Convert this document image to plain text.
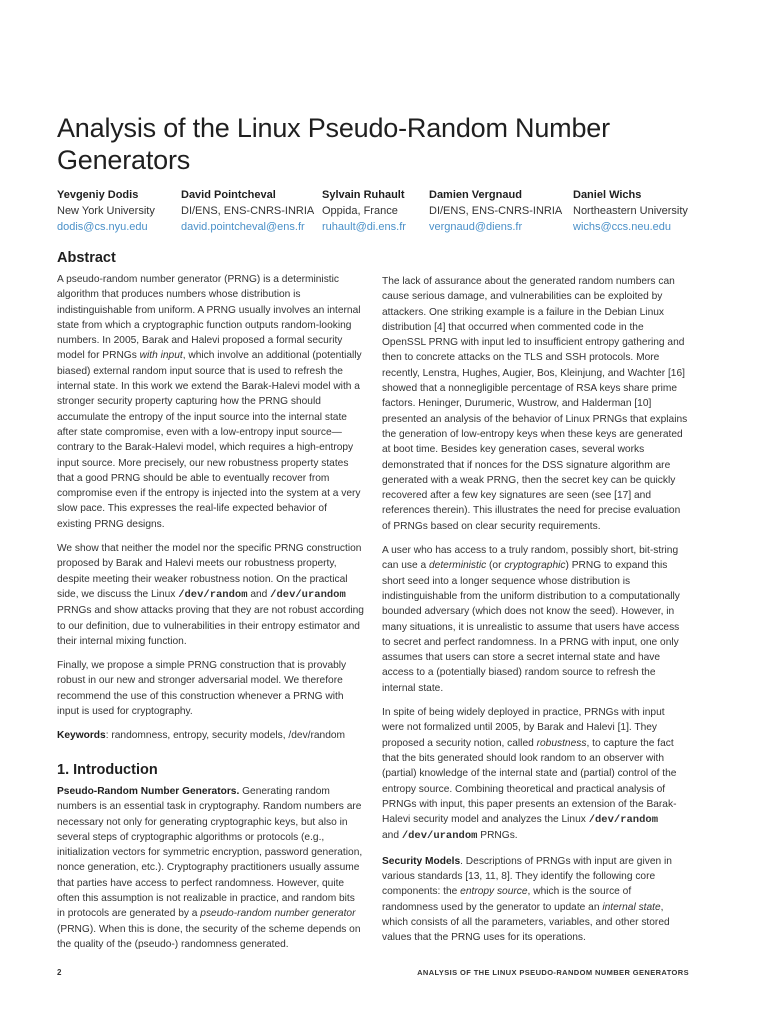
Analysis of the Linux Pseudo-Random Number Generators
Yevgeniy Dodis
New York University
dodis@cs.nyu.edu
David Pointcheval
DI/ENS, ENS-CNRS-INRIA
david.pointcheval@ens.fr
Sylvain Ruhault
Oppida, France
ruhault@di.ens.fr
Damien Vergnaud
DI/ENS, ENS-CNRS-INRIA
vergnaud@diens.fr
Daniel Wichs
Northeastern University
wichs@ccs.neu.edu
Abstract

A pseudo-random number generator (PRNG) is a deterministic algorithm that produces numbers whose distribution is indistinguishable from uniform. A PRNG usually involves an internal state from which a cryptographic function outputs random-looking numbers. In 2005, Barak and Halevi proposed a formal security model for PRNGs with input, which involve an additional (potentially biased) external random input source that is used to refresh the internal state. In this work we extend the Barak-Halevi model with a stronger security property capturing how the PRNG should accumulate the entropy of the input source into the internal state after state compromise, even with a low-entropy input source—contrary to the Barak-Halevi model, which requires a high-entropy input source. More precisely, our new robustness property states that a good PRNG should be able to eventually recover from compromise even if the entropy is injected into the system at a very slow pace. This expresses the real-life expected behavior of existing PRNG designs.

We show that neither the model nor the specific PRNG construction proposed by Barak and Halevi meets our robustness property, despite meeting their weaker robustness notion. On the practical side, we discuss the Linux /dev/random and /dev/urandom PRNGs and show attacks proving that they are not robust according to our definition, due to vulnerabilities in their entropy estimator and their internal mixing function.

Finally, we propose a simple PRNG construction that is provably robust in our new and stronger adversarial model. We therefore recommend the use of this construction whenever a PRNG with input is used for cryptography.

Keywords: randomness, entropy, security models, /dev/random

1. Introduction

Pseudo-Random Number Generators. Generating random numbers is an essential task in cryptography. Random numbers are necessary not only for generating cryptographic keys, but also in several steps of cryptographic algorithms or protocols (e.g., initialization vectors for symmetric encryption, password generation, nonce generation, etc.). Cryptography practitioners usually assume that parties have access to perfect randomness. However, quite often this assumption is not realizable in practice, and random bits in protocols are generated by a pseudo-random number generator (PRNG). When this is done, the security of the scheme depends on the quality of the (pseudo-) randomness generated.

The lack of assurance about the generated random numbers can cause serious damage, and vulnerabilities can be exploited by attackers. One striking example is a failure in the Debian Linux distribution [4] that occurred when commented code in the OpenSSL PRNG with input led to insufficient entropy gathering and then to concrete attacks on the TLS and SSH protocols. More recently, Lenstra, Hughes, Augier, Bos, Kleinjung, and Wachter [16] showed that a nonnegligible percentage of RSA keys share prime factors. Heninger, Durumeric, Wustrow, and Halderman [10] presented an analysis of the behavior of Linux PRNGs that explains the generation of low-entropy keys when these keys are generated at boot time. Besides key generation cases, several works demonstrated that if nonces for the DSS signature algorithm are generated with a weak PRNG, then the secret key can be quickly recovered after a few key signatures are seen (see [17] and references therein). This illustrates the need for precise evaluation of PRNGs based on clear security requirements.

A user who has access to a truly random, possibly short, bit-string can use a deterministic (or cryptographic) PRNG to expand this short seed into a longer sequence whose distribution is indistinguishable from the uniform distribution to a computationally bounded adversary (which does not know the seed). However, in many situations, it is unrealistic to assume that users have access to secret and perfect randomness. In a PRNG with input, one only assumes that users can store a secret internal state and have access to a (potentially biased) random source to refresh the internal state.

In spite of being widely deployed in practice, PRNGs with input were not formalized until 2005, by Barak and Halevi [1]. They proposed a security notion, called robustness, to capture the fact that the bits generated should look random to an observer with (partial) knowledge of the internal state and (partial) control of the entropy source. Combining theoretical and practical analysis of PRNGs with input, this paper presents an extension of the Barak-Halevi security model and analyzes the Linux /dev/random
and /dev/urandom PRNGs.

Security Models. Descriptions of PRNGs with input are given in various standards [13, 11, 8]. They identify the following core components: the entropy source, which is the source of randomness used by the generator to update an internal state, which consists of all the parameters, variables, and other stored values that the PRNG uses for its operations.

2	ANALYSIS OF THE LINUX PSEUDO-RANDOM NUMBER GENERATORS
